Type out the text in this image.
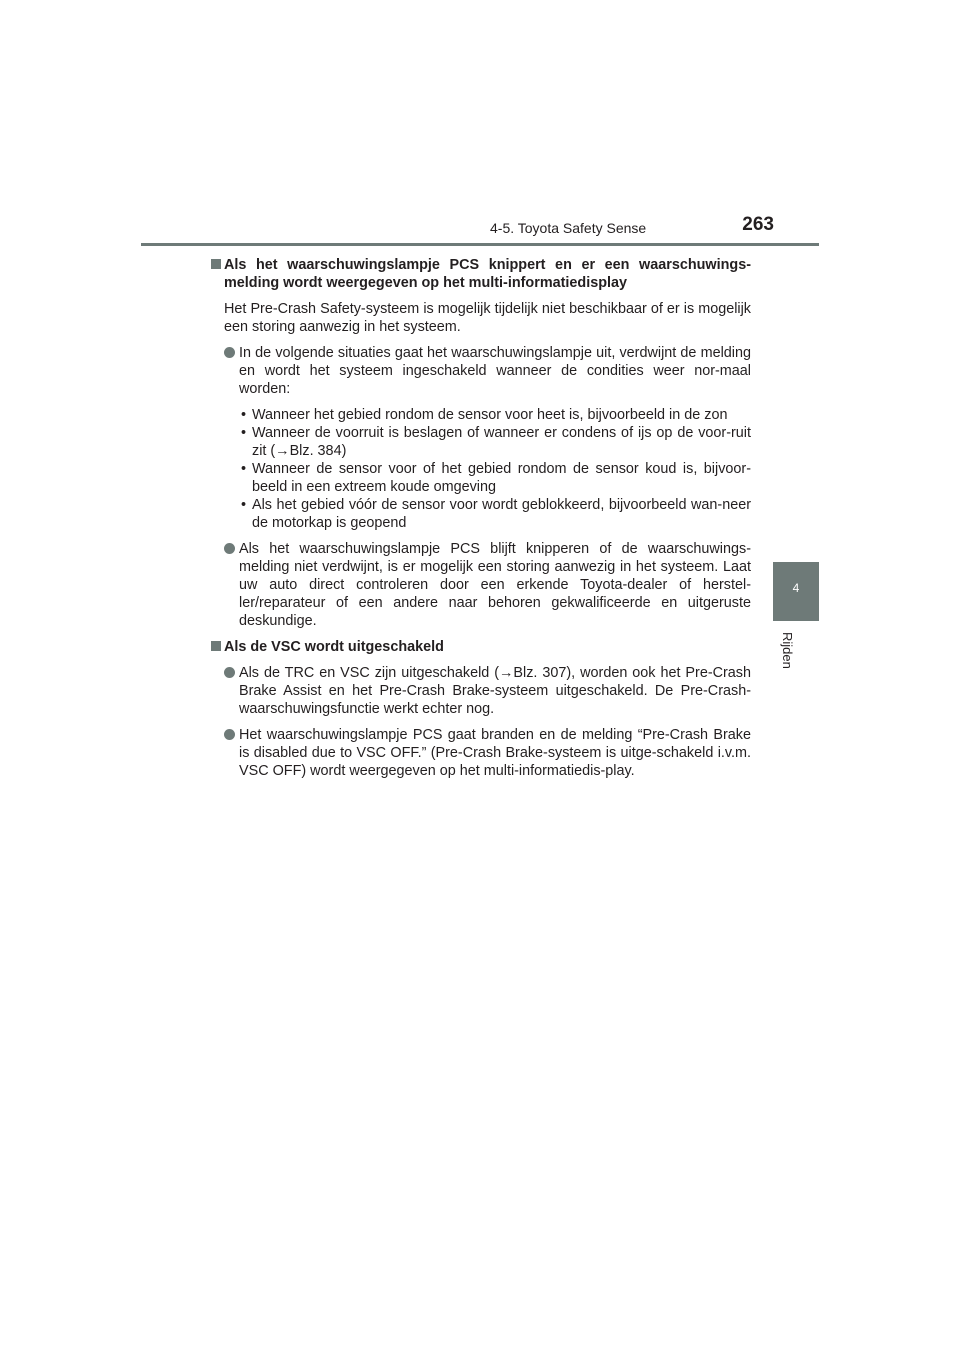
4-5. Toyota Safety Sense	263
4
Rijden

Als het waarschuwingslampje PCS knippert en er een waarschuwings-melding wordt weergegeven op het multi-informatiedisplay

Het Pre-Crash Safety-systeem is mogelijk tijdelijk niet beschikbaar of er is mogelijk een storing aanwezig in het systeem.
In de volgende situaties gaat het waarschuwingslampje uit, verdwijnt de melding en wordt het systeem ingeschakeld wanneer de condities weer nor-maal worden:
• Wanneer het gebied rondom de sensor voor heet is, bijvoorbeeld in de zon
• Wanneer de voorruit is beslagen of wanneer er condens of ijs op de voor-ruit zit (→Blz. 384)
• Wanneer de sensor voor of het gebied rondom de sensor koud is, bijvoor-beeld in een extreem koude omgeving
• Als het gebied vóór de sensor voor wordt geblokkeerd, bijvoorbeeld wan-neer de motorkap is geopend
Als het waarschuwingslampje PCS blijft knipperen of de waarschuwings-melding niet verdwijnt, is er mogelijk een storing aanwezig in het systeem. Laat uw auto direct controleren door een erkende Toyota-dealer of herstel-ler/reparateur of een andere naar behoren gekwalificeerde en uitgeruste deskundige.

Als de VSC wordt uitgeschakeld

Als de TRC en VSC zijn uitgeschakeld (→Blz. 307), worden ook het Pre-Crash Brake Assist en het Pre-Crash Brake-systeem uitgeschakeld. De Pre-Crash-waarschuwingsfunctie werkt echter nog.
Het waarschuwingslampje PCS gaat branden en de melding “Pre-Crash Brake is disabled due to VSC OFF.” (Pre-Crash Brake-systeem is uitge-schakeld i.v.m. VSC OFF) wordt weergegeven op het multi-informatiedis-play.
